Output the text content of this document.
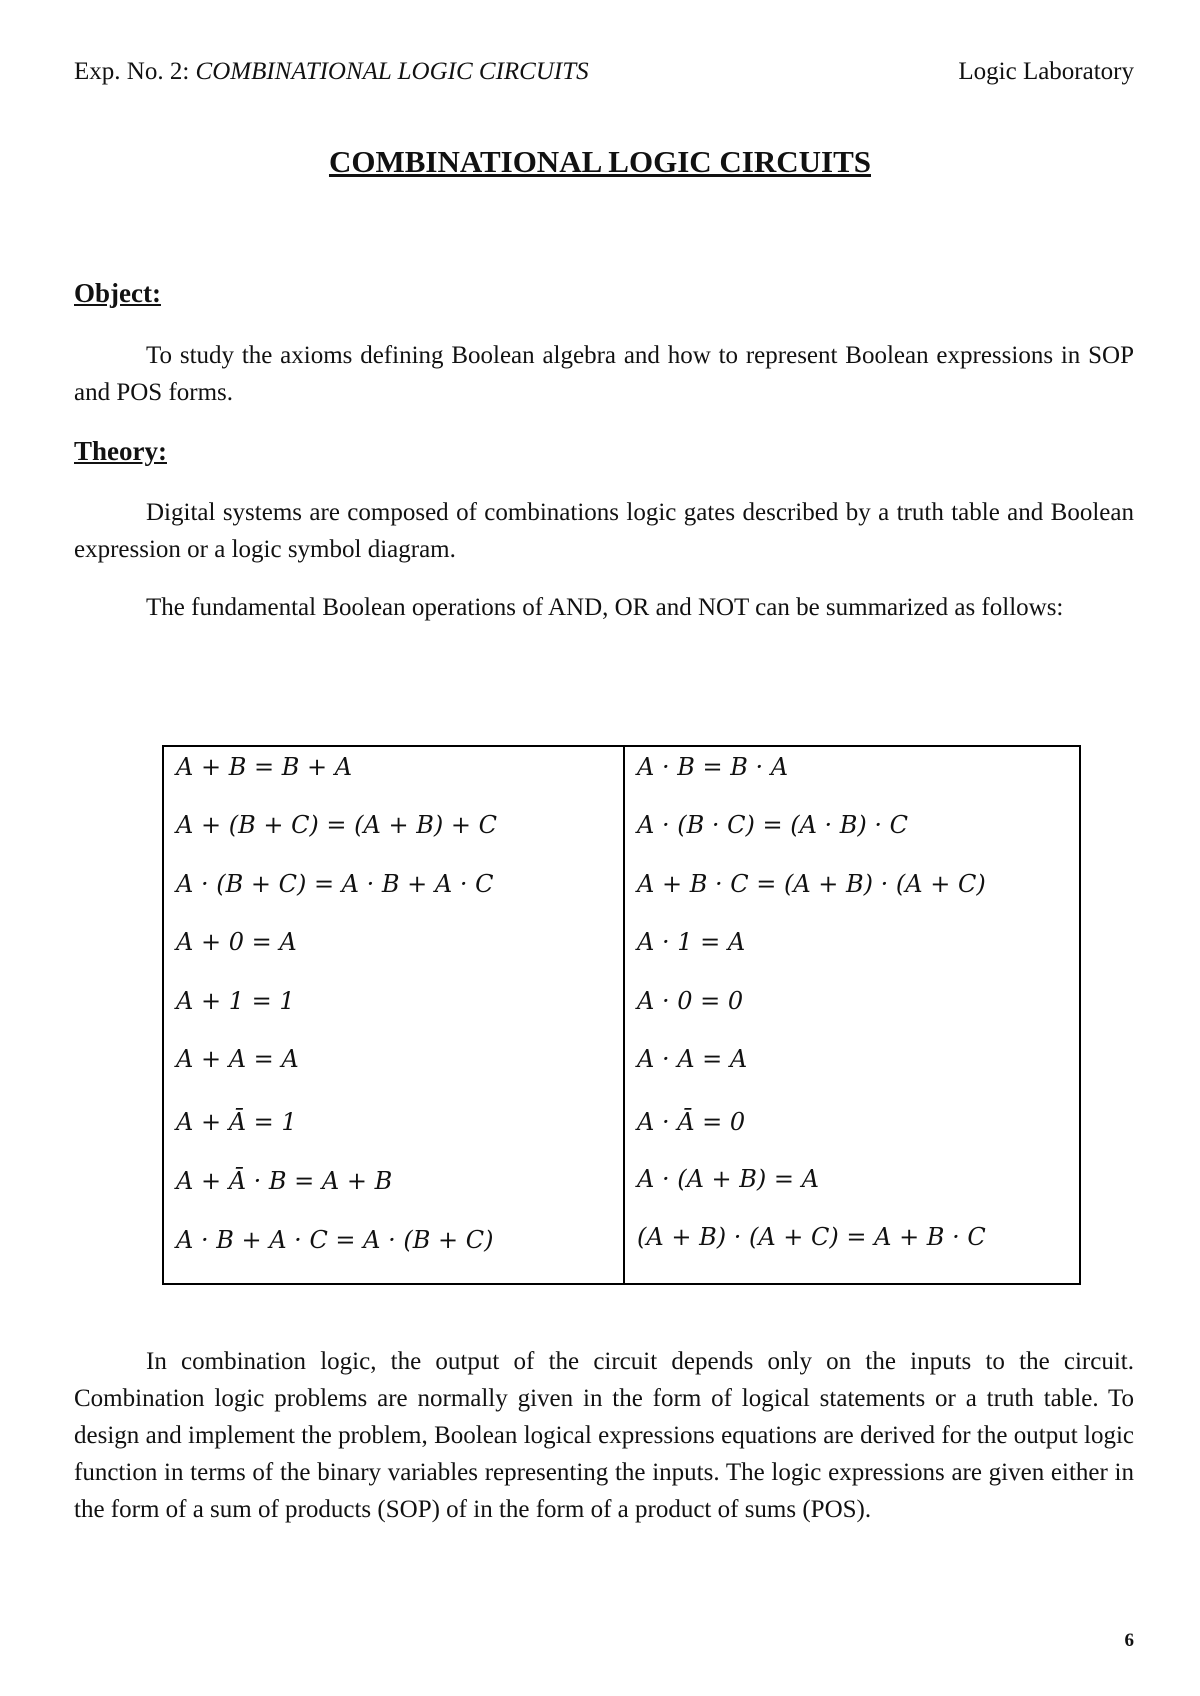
Exp. No. 2: COMBINATIONAL LOGIC CIRCUITS	Logic Laboratory
COMBINATIONAL LOGIC CIRCUITS
Object:
To study the axioms defining Boolean algebra and how to represent Boolean expressions in SOP and POS forms.
Theory:
Digital systems are composed of combinations logic gates described by a truth table and Boolean expression or a logic symbol diagram.
The fundamental Boolean operations of AND, OR and NOT can be summarized as follows:
A + B = B + A
A + (B + C) = (A + B) + C
A · (B + C) = A · B + A · C
A + 0 = A
A + 1 = 1
A + A = A
A + Ā = 1
A + Ā · B = A + B
A · B + A · C = A · (B + C)
A · B = B · A
A · (B · C) = (A · B) · C
A + B · C = (A + B) · (A + C)
A · 1 = A
A · 0 = 0
A · A = A
A · Ā = 0
A · (A + B) = A
(A + B) · (A + C) = A + B · C
In combination logic, the output of the circuit depends only on the inputs to the circuit. Combination logic problems are normally given in the form of logical statements or a truth table. To design and implement the problem, Boolean logical expressions equations are derived for the output logic function in terms of the binary variables representing the inputs. The logic expressions are given either in the form of a sum of products (SOP) of in the form of a product of sums (POS).
6
